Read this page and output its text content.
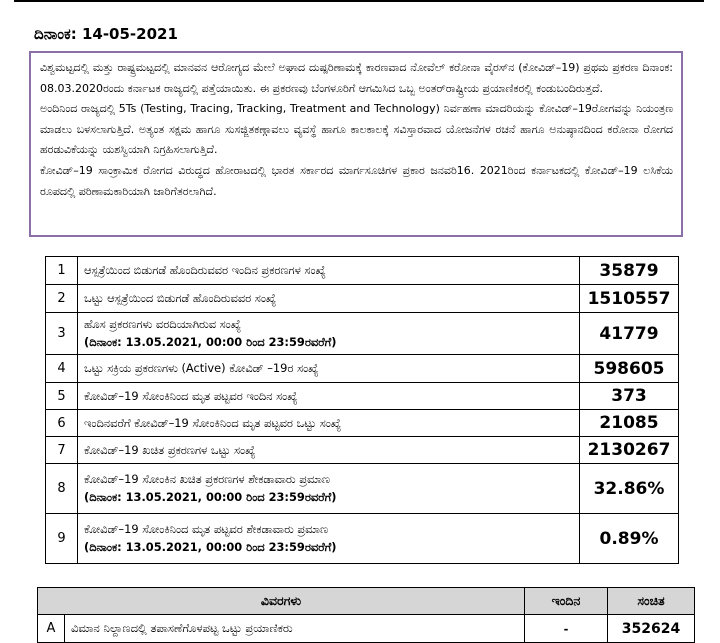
ದಿನಾಂಕ: 14-05-2021

ವಿಶ್ವಮಟ್ಟದಲ್ಲಿ ಮತ್ತು ರಾಷ್ಟ್ರಮಟ್ಟದಲ್ಲಿ ಮಾನವನ ಆರೋಗ್ಯದ ಮೇಲೆ ಅಘಾದ ದುಷ್ಪರಿಣಾಮಕ್ಕೆ ಕಾರಣವಾದ ನೋವೆಲ್ ಕರೋನಾ ವೈರಸ್‌ನ (ಕೋವಿಡ್–19) ಪ್ರಥಮ ಪ್ರಕರಣ ದಿನಾಂಕ: 08.03.2020ರಂದು ಕರ್ನಾಟಕ ರಾಜ್ಯದಲ್ಲಿ ಪತ್ತೆಯಾಯಿತು. ಈ ಪ್ರಕರಣವು ಬೆಂಗಳೂರಿಗೆ ಆಗಮಿಸಿದ ಒಬ್ಬ ಅಂತರ್‌ರಾಷ್ಟ್ರೀಯ ಪ್ರಯಾಣಿಕರಲ್ಲಿ ಕಂಡುಬಂದಿರುತ್ತದೆ.

ಅಂದಿನಿಂದ ರಾಜ್ಯದಲ್ಲಿ 5Ts (Testing, Tracing, Tracking, Treatment and Technology) ನಿರ್ವಹಣಾ ಮಾದರಿಯನ್ನು ಕೋವಿಡ್–19ರೋಗವನ್ನು ನಿಯಂತ್ರಣ ಮಾಡಲು ಬಳಸಲಾಗುತ್ತಿದೆ. ಅತ್ಯಂತ ಸಕ್ಷಮ ಹಾಗೂ ಸುಸಜ್ಜಿತಕಣ್ಗಾವಲು ವ್ಯವಸ್ಥೆ ಹಾಗೂ ಕಾಲಕಾಲಕ್ಕೆ ಸವಿಸ್ತಾರವಾದ ಯೋಜನೆಗಳ ರಚನೆ ಹಾಗೂ ಅನುಷ್ಠಾನದಿಂದ ಕರೋನಾ ರೋಗದ ಹರಡುವಿಕೆಯನ್ನು ಯಶಸ್ವಿಯಾಗಿ ನಿಗ್ರಹಿಸಲಾಗುತ್ತಿದೆ.

ಕೋವಿಡ್–19 ಸಾಂಕ್ರಾಮಿಕ ರೋಗದ ವಿರುದ್ಧದ ಹೋರಾಟದಲ್ಲಿ ಭಾರತ ಸರ್ಕಾರದ ಮಾರ್ಗಸೂಚಿಗಳ ಪ್ರಕಾರ ಜನವರಿ16. 2021ರಿಂದ ಕರ್ನಾಟಕದಲ್ಲಿ ಕೋವಿಡ್–19 ಲಸಿಕೆಯ ರೂಪದಲ್ಲಿ ಪರಿಣಾಮಕಾರಿಯಾಗಿ ಜಾರಿಗೆತರಲಾಗಿದೆ.

1	ಆಸ್ಪತ್ರೆಯಿಂದ ಬಿಡುಗಡೆ ಹೊಂದಿರುವವರ ಇಂದಿನ ಪ್ರಕರಣಗಳ ಸಂಖ್ಯೆ	35879
2	ಒಟ್ಟು ಆಸ್ಪತ್ರೆಯಿಂದ ಬಿಡುಗಡೆ ಹೊಂದಿರುವವರ ಸಂಖ್ಯೆ	1510557
3	ಹೊಸ ಪ್ರಕರಣಗಳು ವರದಿಯಾಗಿರುವ ಸಂಖ್ಯೆ
(ದಿನಾಂಕ: 13.05.2021, 00:00 ರಿಂದ 23:59ರವರೆಗೆ)	41779
4	ಒಟ್ಟು ಸಕ್ರಿಯ ಪ್ರಕರಣಗಳು (Active) ಕೋವಿಡ್ –19ರ ಸಂಖ್ಯೆ	598605
5	ಕೋವಿಡ್–19 ಸೋಂಕಿನಿಂದ ಮೃತ ಪಟ್ಟವರ ಇಂದಿನ ಸಂಖ್ಯೆ	373
6	ಇಂದಿನವರೆಗೆ ಕೋವಿಡ್–19 ಸೋಂಕಿನಿಂದ ಮೃತ ಪಟ್ಟವರ ಒಟ್ಟು ಸಂಖ್ಯೆ	21085
7	ಕೋವಿಡ್–19 ಖಚಿತ ಪ್ರಕರಣಗಳ ಒಟ್ಟು ಸಂಖ್ಯೆ	2130267
8	ಕೋವಿಡ್–19 ಸೋಂಕಿನ ಖಚಿತ ಪ್ರಕರಣಗಳ ಶೇಕಡಾವಾರು ಪ್ರಮಾಣ
(ದಿನಾಂಕ: 13.05.2021, 00:00 ರಿಂದ 23:59ರವರೆಗೆ)	32.86%
9	ಕೋವಿಡ್–19 ಸೋಂಕಿನಿಂದ ಮೃತ ಪಟ್ಟವರ ಶೇಕಡಾವಾರು ಪ್ರಮಾಣ
(ದಿನಾಂಕ: 13.05.2021, 00:00 ರಿಂದ 23:59ರವರೆಗೆ)	0.89%
ವಿವರಗಳು		ಇಂದಿನ	ಸಂಚಿತ
A	ವಿಮಾನ ನಿಲ್ದಾಣದಲ್ಲಿ ತಪಾಸಣೆಗೊಳಪಟ್ಟ ಒಟ್ಟು ಪ್ರಯಾಣಿಕರು	-	352624
